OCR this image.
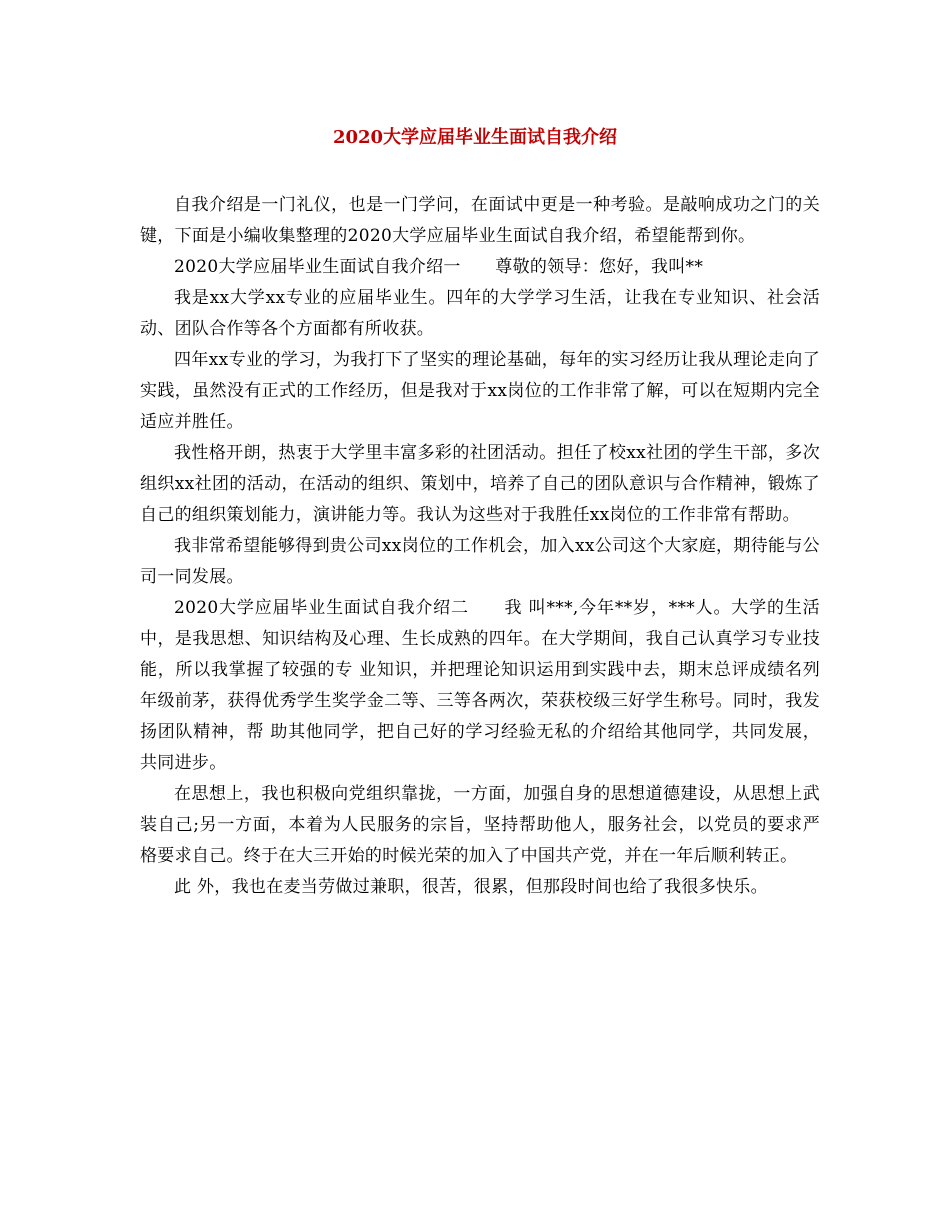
2020大学应届毕业生面试自我介绍

自我介绍是一门礼仪，也是一门学问，在面试中更是一种考验。是敲响成功之门的关键，下面是小编收集整理的2020大学应届毕业生面试自我介绍，希望能帮到你。

2020大学应届毕业生面试自我介绍一　　尊敬的领导：您好，我叫**

我是xx大学xx专业的应届毕业生。四年的大学学习生活，让我在专业知识、社会活动、团队合作等各个方面都有所收获。

四年xx专业的学习，为我打下了坚实的理论基础，每年的实习经历让我从理论走向了实践，虽然没有正式的工作经历，但是我对于xx岗位的工作非常了解，可以在短期内完全适应并胜任。

我性格开朗，热衷于大学里丰富多彩的社团活动。担任了校xx社团的学生干部，多次组织xx社团的活动，在活动的组织、策划中，培养了自己的团队意识与合作精神，锻炼了自己的组织策划能力，演讲能力等。我认为这些对于我胜任xx岗位的工作非常有帮助。

我非常希望能够得到贵公司xx岗位的工作机会，加入xx公司这个大家庭，期待能与公司一同发展。

2020大学应届毕业生面试自我介绍二　　我 叫***,今年**岁，***人。大学的生活中，是我思想、知识结构及心理、生长成熟的四年。在大学期间，我自己认真学习专业技能，所以我掌握了较强的专 业知识，并把理论知识运用到实践中去，期末总评成绩名列年级前茅，获得优秀学生奖学金二等、三等各两次，荣获校级三好学生称号。同时，我发扬团队精神，帮 助其他同学，把自己好的学习经验无私的介绍给其他同学，共同发展，共同进步。

在思想上，我也积极向党组织靠拢，一方面，加强自身的思想道德建设，从思想上武装自己;另一方面，本着为人民服务的宗旨，坚持帮助他人，服务社会，以党员的要求严格要求自己。终于在大三开始的时候光荣的加入了中国共产党，并在一年后顺利转正。

此 外，我也在麦当劳做过兼职，很苦，很累，但那段时间也给了我很多快乐。
